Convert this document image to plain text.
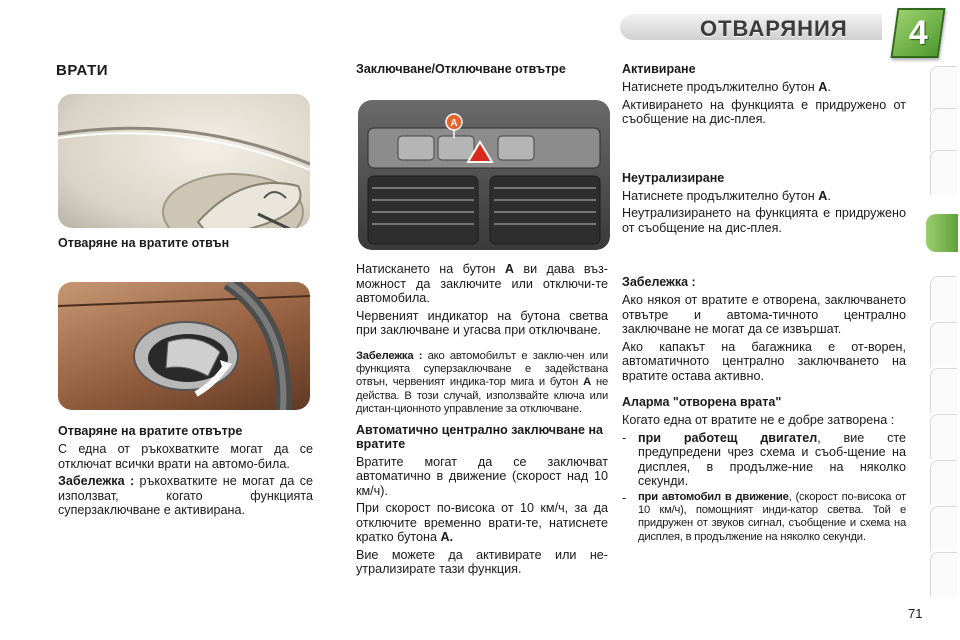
ОТВАРЯНИЯ 4
ВРАТИ
Отваряне на вратите отвън
Отваряне на вратите отвътре

С една от ръкохватките могат да се отключат всички врати на автомо-била.

Забележка : ръкохватките не могат да се използват, когато функцията суперзаключване е активирана.

Заключване/Отключване отвътре
A

Натискането на бутон A ви дава въз-можност да заключите или отключи-те автомобила.

Червеният индикатор на бутона светва при заключване и угасва при отключване.

Забележка : ако автомобилът е заклю-чен или функцията суперзаключване е задействана отвън, червеният индика-тор мига и бутон A не действа. В този случай, използвайте ключа или дистан-ционното управление за отключване.

Автоматично централно заключване на вратите

Вратите могат да се заключват автоматично в движение (скорост над 10 км/ч).

При скорост по-висока от 10 км/ч, за да отключите временно врати-те, натиснете кратко бутона A.

Вие можете да активирате или не-утрализирате тази функция.

Активиране

Натиснете продължително бутон A.

Активирането на функцията е придружено от съобщение на дис-плея.

Неутрализиране

Натиснете продължително бутон A.

Неутрализирането на функцията е придружено от съобщение на дис-плея.

Забележка :

Ако някоя от вратите е отворена, заключването отвътре и автома-тичното централно заключване не могат да се извършат.

Ако капакът на багажника е от-ворен, автоматичното централно заключването на вратите остава активно.

Аларма "отворена врата"

Когато една от вратите не е добре затворена :

- при работещ двигател, вие сте предупредени чрез схема и съоб-щение на дисплея, в продълже-ние на няколко секунди.

-	при автомобил в движение, (скорост по-висока от 10 км/ч), помощният инди-катор светва. Той е придружен от звуков сигнал, съобщение и схема на дисплея, в продължение на няколко секунди.

71
